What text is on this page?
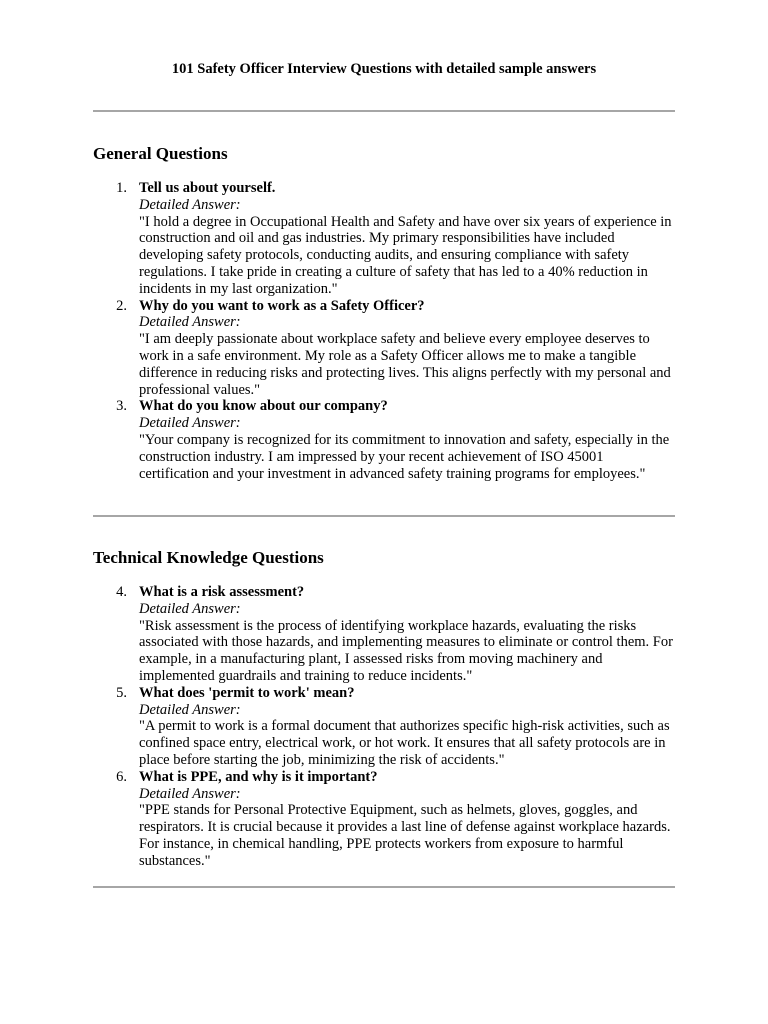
101 Safety Officer Interview Questions with detailed sample answers
General Questions
1. Tell us about yourself.
Detailed Answer:
"I hold a degree in Occupational Health and Safety and have over six years of experience in construction and oil and gas industries. My primary responsibilities have included developing safety protocols, conducting audits, and ensuring compliance with safety regulations. I take pride in creating a culture of safety that has led to a 40% reduction in incidents in my last organization."
2. Why do you want to work as a Safety Officer?
Detailed Answer:
"I am deeply passionate about workplace safety and believe every employee deserves to work in a safe environment. My role as a Safety Officer allows me to make a tangible difference in reducing risks and protecting lives. This aligns perfectly with my personal and professional values."
3. What do you know about our company?
Detailed Answer:
"Your company is recognized for its commitment to innovation and safety, especially in the construction industry. I am impressed by your recent achievement of ISO 45001 certification and your investment in advanced safety training programs for employees."
Technical Knowledge Questions
4. What is a risk assessment?
Detailed Answer:
"Risk assessment is the process of identifying workplace hazards, evaluating the risks associated with those hazards, and implementing measures to eliminate or control them. For example, in a manufacturing plant, I assessed risks from moving machinery and implemented guardrails and training to reduce incidents."
5. What does 'permit to work' mean?
Detailed Answer:
"A permit to work is a formal document that authorizes specific high-risk activities, such as confined space entry, electrical work, or hot work. It ensures that all safety protocols are in place before starting the job, minimizing the risk of accidents."
6. What is PPE, and why is it important?
Detailed Answer:
"PPE stands for Personal Protective Equipment, such as helmets, gloves, goggles, and respirators. It is crucial because it provides a last line of defense against workplace hazards. For instance, in chemical handling, PPE protects workers from exposure to harmful substances."
